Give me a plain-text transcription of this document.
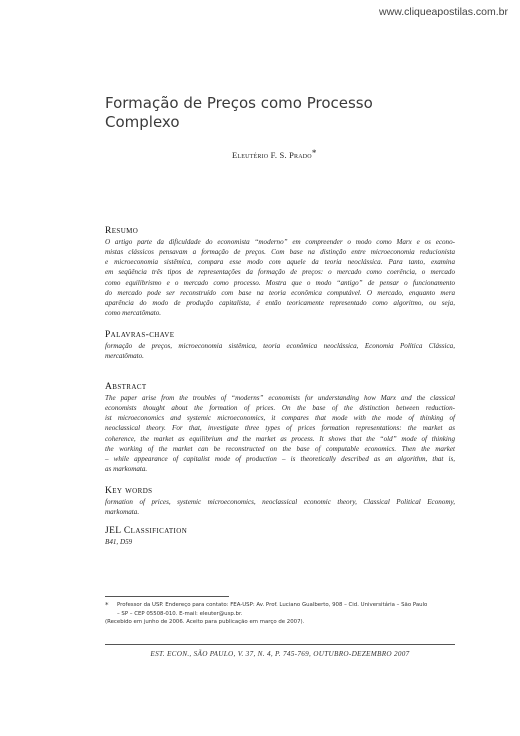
www.cliqueapostilas.com.br
Formação de Preços como Processo
Complexo
Eleutério F. S. Prado*
Resumo
O artigo parte da dificuldade do economista “moderno” em compreender o modo como Marx e os econo-
mistas clássicos pensavam a formação de preços. Com base na distinção entre microeconomia reducionista
e microeconomia sistêmica, compara esse modo com aquele da teoria neoclássica. Para tanto, examina
em seqüência três tipos de representações da formação de preços: o mercado como coerência, o mercado
como equilibrismo e o mercado como processo. Mostra que o modo “antigo” de pensar o funcionamento
do mercado pode ser reconstruído com base na teoria econômica computável. O mercado, enquanto mera
aparência do modo de produção capitalista, é então teoricamente representado como algoritmo, ou seja,
como mercatômato.
Palavras-chave
formação de preços, microeconomia sistêmica, teoria econômica neoclássica, Economia Política Clássica,
mercatômato.
Abstract
The paper arise from the troubles of “moderns” economists for understanding how Marx and the classical
economists thought about the formation of prices. On the base of the distinction between reduction-
ist microeconomics and systemic microeconomics, it compares that mode with the mode of thinking of
neoclassical theory. For that, investigate three types of prices formation representations: the market as
coherence, the market as equilibrium and the market as process. It shows that the “old” mode of thinking
the working of the market can be reconstructed on the base of computable economics. Then the market
– while appearance of capitalist mode of production – is theoretically described as an algorithm, that is,
as markomata.
Key words
formation of prices, systemic microeconomics, neoclassical economic theory, Classical Political Economy,
markomata.
JEL Classification
B41, D59
* Professor da USP. Endereço para contato: FEA-USP: Av. Prof. Luciano Gualberto, 908 – Cid. Universitária – São Paulo
– SP – CEP 05508-010. E-mail: eleuter@usp.br.
(Recebido em junho de 2006. Aceito para publicação em março de 2007).
EST. ECON., SÃO PAULO, V. 37, N. 4, P. 745-769, OUTUBRO-DEZEMBRO 2007
